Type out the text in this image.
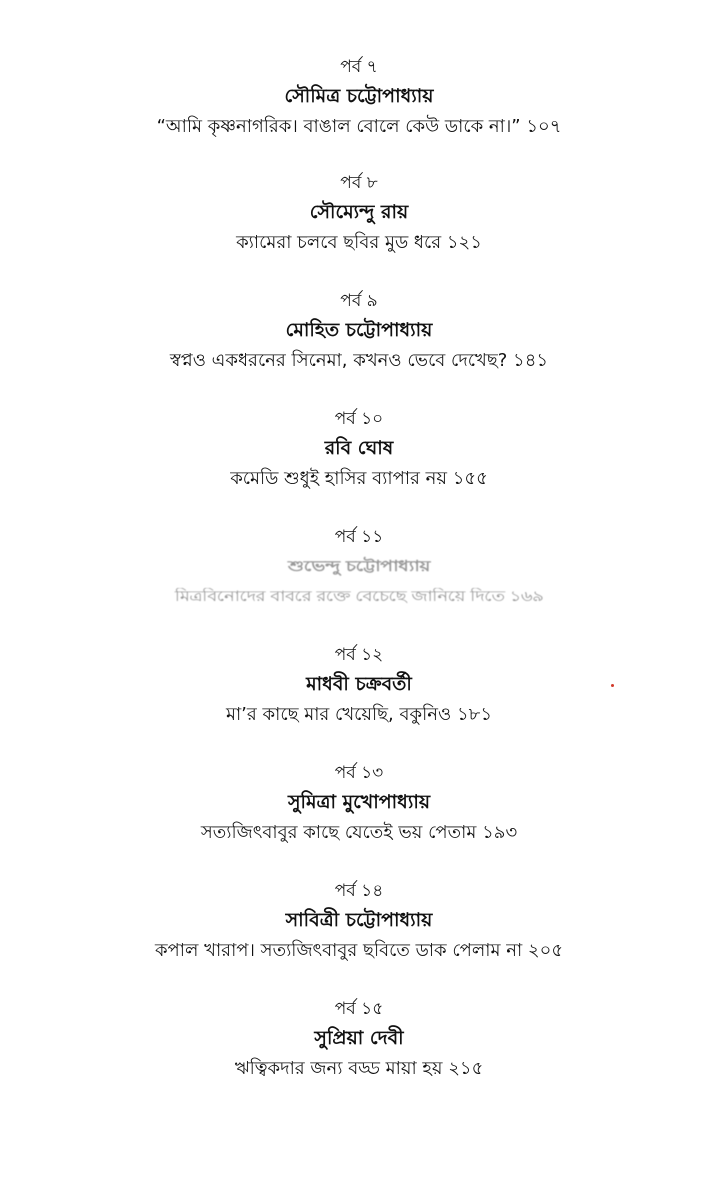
পর্ব ৭
সৌমিত্র চট্টোপাধ্যায়
“আমি কৃষ্ণনাগরিক। বাঙাল বোলে কেউ ডাকে না।” ১০৭
পর্ব ৮
সৌম্যেন্দু রায়
ক্যামেরা চলবে ছবির মুড ধরে ১২১
পর্ব ৯
মোহিত চট্টোপাধ্যায়
স্বপ্নও একধরনের সিনেমা, কখনও ভেবে দেখেছ? ১৪১
পর্ব ১০
রবি ঘোষ
কমেডি শুধুই হাসির ব্যাপার নয় ১৫৫
পর্ব ১১
শুভেন্দু চট্টোপাধ্যায়
মিত্রবিনোদের বাবরে রক্তে বেচেছে জানিয়ে দিতে ১৬৯
পর্ব ১২
মাধবী চক্রবর্তী
মা’র কাছে মার খেয়েছি, বকুনিও ১৮১
পর্ব ১৩
সুমিত্রা মুখোপাধ্যায়
সত্যজিৎবাবুর কাছে যেতেই ভয় পেতাম ১৯৩
পর্ব ১৪
সাবিত্রী চট্টোপাধ্যায়
কপাল খারাপ। সত্যজিৎবাবুর ছবিতে ডাক পেলাম না ২০৫
পর্ব ১৫
সুপ্রিয়া দেবী
ঋত্বিকদার জন্য বড্ড মায়া হয় ২১৫
